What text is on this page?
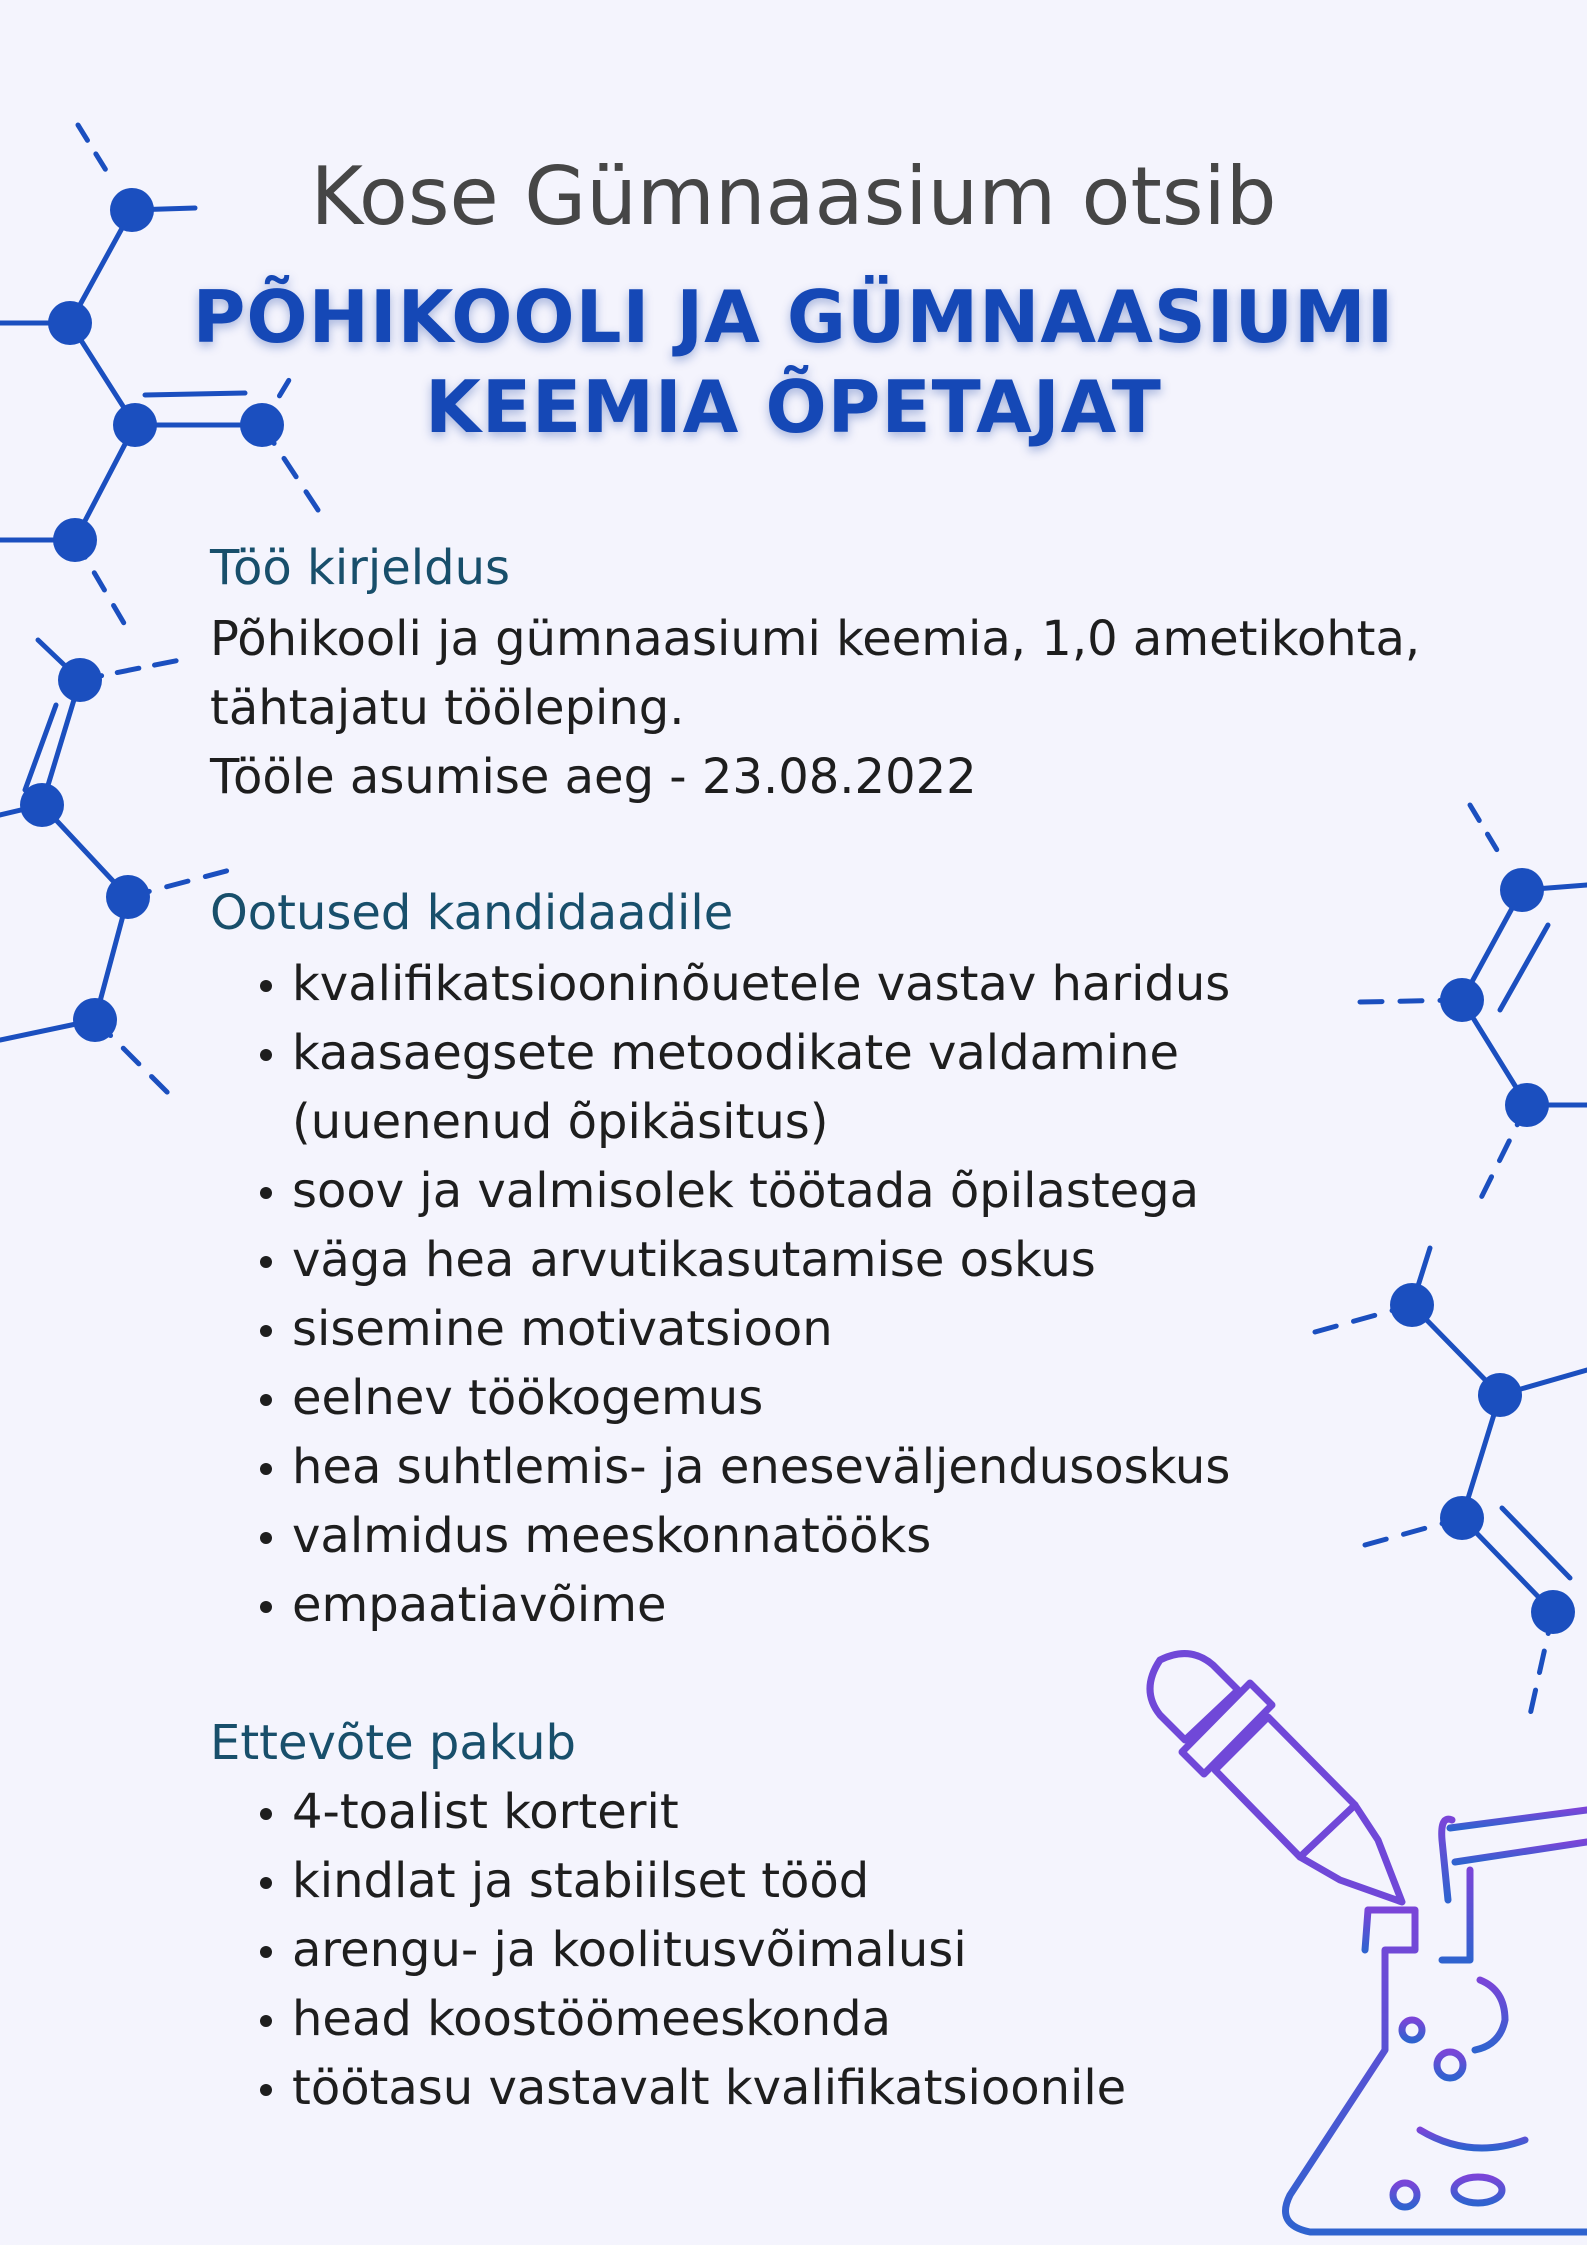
Kose Gümnaasium otsib
PÕHIKOOLI JA GÜMNAASIUMI
KEEMIA ÕPETAJAT
Töö kirjeldus
Põhikooli ja gümnaasiumi keemia, 1,0 ametikohta,
tähtajatu tööleping.
Tööle asumise aeg - 23.08.2022
Ootused kandidaadile
kvalifikatsiooninõuetele vastav haridus
kaasaegsete metoodikate valdamine
(uuenenud õpikäsitus)
soov ja valmisolek töötada õpilastega
väga hea arvutikasutamise oskus
sisemine motivatsioon
eelnev töökogemus
hea suhtlemis- ja eneseväljendusoskus
valmidus meeskonnatööks
empaatiavõime
Ettevõte pakub
4-toalist korterit
kindlat ja stabiilset tööd
arengu- ja koolitusvõimalusi
head koostöömeeskonda
töötasu vastavalt kvalifikatsioonile
